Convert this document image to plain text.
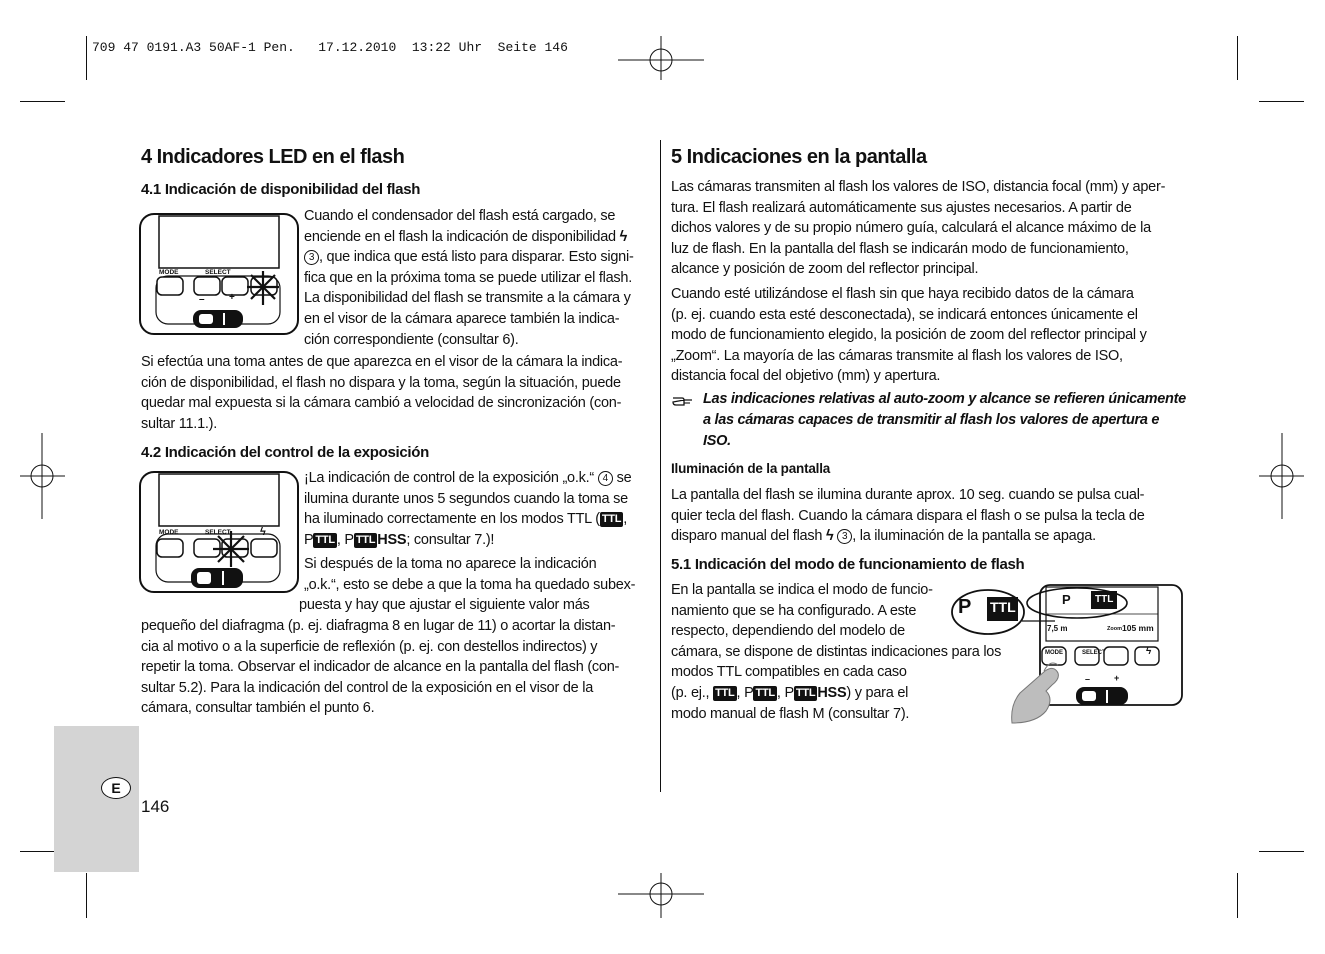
709 47 0191.A3 50AF-1 Pen.   17.12.2010  13:22 Uhr  Seite 146
E
146
4 Indicadores LED en el flash
4.1 Indicación de disponibilidad del flash
MODE	SELECT
– +
Cuando el condensador del flash está cargado, se
enciende en el flash la indicación de disponibilidad ϟ
3 , que indica que está listo para disparar. Esto signi-
fica que en la próxima toma se puede utilizar el flash.
La disponibilidad del flash se transmite a la cámara y
en el visor de la cámara aparece también la indica-
ción correspondiente (consultar 6).
Si efectúa una toma antes de que aparezca en el visor de la cámara la indica-
ción de disponibilidad, el flash no dispara y la toma, según la situación, puede
quedar mal expuesta si la cámara cambió a velocidad de sincronización (con-
sultar 11.1.).
4.2 Indicación del control de la exposición
MODE	SELECT	ϟ
¡La indicación de control de la exposición „o.k.“ 4 se
ilumina durante unos 5 segundos cuando la toma se
ha iluminado correctamente en los modos TTL ( TTL ,
P TTL , P TTL HSS; consultar 7.)!
Si después de la toma no aparece la indicación
„o.k.“, esto se debe a que la toma ha quedado subex-
puesta y hay que ajustar el siguiente valor más
pequeño del diafragma (p. ej. diafragma 8 en lugar de 11) o acortar la distan-
cia al motivo o a la superficie de reflexión (p. ej. con destellos indirectos) y
repetir la toma. Observar el indicador de alcance en la pantalla del flash (con-
sultar 5.2). Para la indicación del control de la exposición en el visor de la
cámara, consultar también el punto 6.
5 Indicaciones en la pantalla
Las cámaras transmiten al flash los valores de ISO, distancia focal (mm) y aper-
tura. El flash realizará automáticamente sus ajustes necesarios. A partir de
dichos valores y de su propio número guía, calculará el alcance máximo de la
luz de flash. En la pantalla del flash se indicarán modo de funcionamiento,
alcance y posición de zoom del reflector principal.
Cuando esté utilizándose el flash sin que haya recibido datos de la cámara
(p. ej. cuando esta esté desconectada), se indicará entonces únicamente el
modo de funcionamiento elegido, la posición de zoom del reflector principal y
„Zoom“. La mayoría de las cámaras transmite al flash los valores de ISO,
distancia focal del objetivo (mm) y apertura.
Las indicaciones relativas al auto-zoom y alcance se refieren únicamente
a las cámaras capaces de transmitir al flash los valores de apertura e
ISO.
Iluminación de la pantalla
La pantalla del flash se ilumina durante aprox. 10 seg. cuando se pulsa cual-
quier tecla del flash. Cuando la cámara dispara el flash o se pulsa la tecla de
disparo manual del flash ϟ 3 , la iluminación de la pantalla se apaga.
5.1 Indicación del modo de funcionamiento de flash
En la pantalla se indica el modo de funcio-
namiento que se ha configurado. A este
respecto, dependiendo del modelo de
cámara, se dispone de distintas indicaciones para los
modos TTL compatibles en cada caso
(p. ej., TTL , P TTL , P TTL HSS) y para el
modo manual de flash M (consultar 7).
P TTL	P TTL
7,5 m	Zoom 105 mm
MODE	SELECT	ϟ
–	+
